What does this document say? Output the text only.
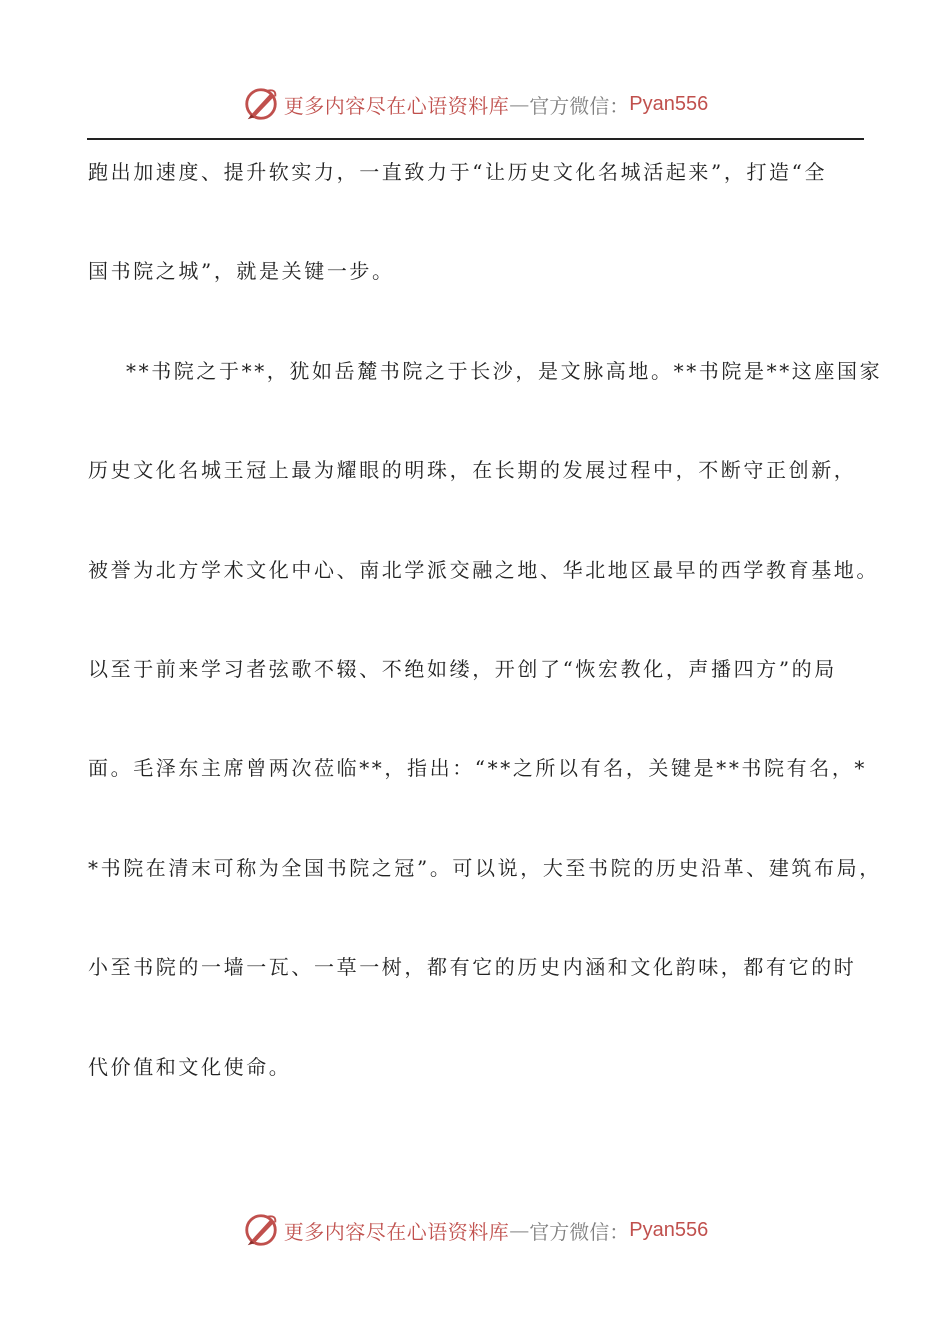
更多内容尽在心语资料库 — 官方微信： Pyan556
跑出加速度、提升软实力，一直致力于“让历史文化名城活起来”，打造“全
国书院之城”，就是关键一步。
**书院之于**，犹如岳麓书院之于长沙，是文脉高地。**书院是**这座国家
历史文化名城王冠上最为耀眼的明珠，在长期的发展过程中，不断守正创新，
被誉为北方学术文化中心、南北学派交融之地、华北地区最早的西学教育基地。
以至于前来学习者弦歌不辍、不绝如缕，开创了“恢宏教化，声播四方”的局
面。毛泽东主席曾两次莅临**，指出：“**之所以有名，关键是**书院有名，*
*书院在清末可称为全国书院之冠”。可以说，大至书院的历史沿革、建筑布局，
小至书院的一墙一瓦、一草一树，都有它的历史内涵和文化韵味，都有它的时
代价值和文化使命。
更多内容尽在心语资料库 — 官方微信： Pyan556
